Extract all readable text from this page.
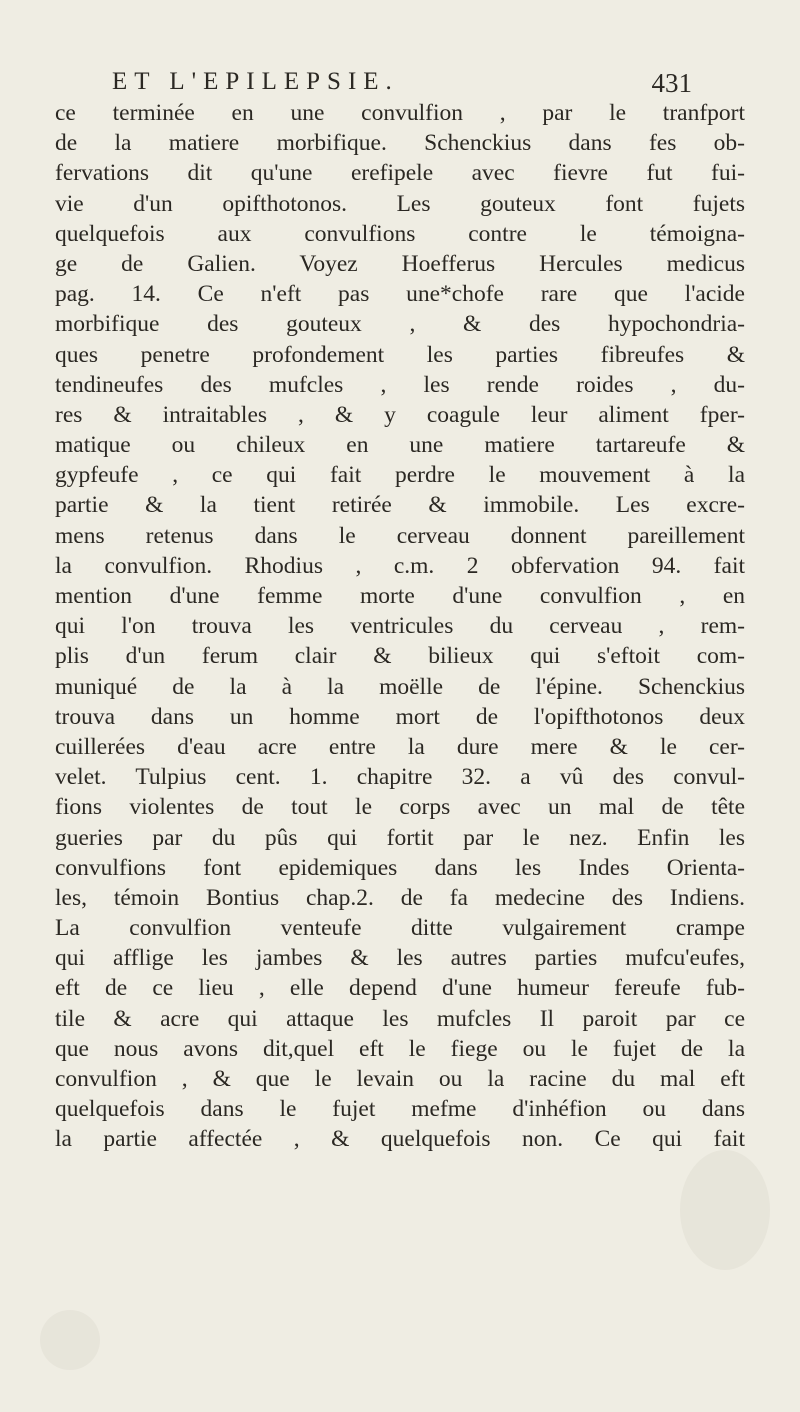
ET L'EPILEPSIE.	431
ce terminée en une convulfion , par le tranfport
de la matiere morbifique. Schenckius dans fes ob-
fervations dit qu'une erefipele avec fievre fut fui-
vie d'un opifthotonos. Les gouteux font fujets
quelquefois aux convulfions contre le témoigna-
ge de Galien. Voyez Hoefferus Hercules medicus
pag. 14. Ce n'eft pas une*chofe rare que l'acide
morbifique des gouteux , & des hypochondria-
ques penetre profondement les parties fibreufes &
tendineufes des mufcles , les rende roides , du-
res & intraitables , & y coagule leur aliment fper-
matique ou chileux en une matiere tartareufe &
gypfeufe , ce qui fait perdre le mouvement à la
partie & la tient retirée & immobile. Les excre-
mens retenus dans le cerveau donnent pareillement
la convulfion. Rhodius , c.m. 2 obfervation 94. fait
mention d'une femme morte d'une convulfion , en
qui l'on trouva les ventricules du cerveau , rem-
plis d'un ferum clair & bilieux qui s'eftoit com-
muniqué de la à la moëlle de l'épine. Schenckius
trouva dans un homme mort de l'opifthotonos deux
cuillerées d'eau acre entre la dure mere & le cer-
velet. Tulpius cent. 1. chapitre 32. a vû des convul-
fions violentes de tout le corps avec un mal de tête
gueries par du pûs qui fortit par le nez. Enfin les
convulfions font epidemiques dans les Indes Orienta-
les, témoin Bontius chap.2. de fa medecine des Indiens.
La convulfion venteufe ditte vulgairement crampe
qui afflige les jambes & les autres parties mufcu'eufes,
eft de ce lieu , elle depend d'une humeur fereufe fub-
tile & acre qui attaque les mufcles Il paroit par ce
que nous avons dit,quel eft le fiege ou le fujet de la
convulfion , & que le levain ou la racine du mal eft
quelquefois dans le fujet mefme d'inhéfion ou dans
la partie affectée , & quelquefois non. Ce qui fait
